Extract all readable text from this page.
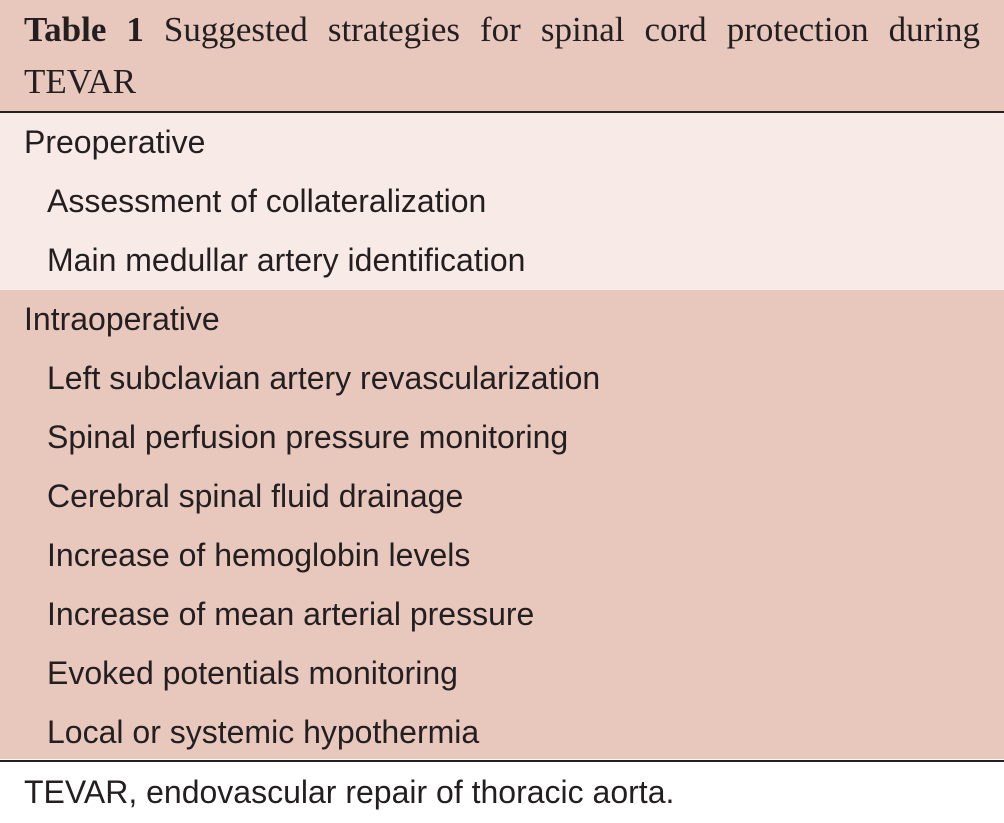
Table 1 Suggested strategies for spinal cord protection during TEVAR
Preoperative
Assessment of collateralization
Main medullar artery identification
Intraoperative
Left subclavian artery revascularization
Spinal perfusion pressure monitoring
Cerebral spinal fluid drainage
Increase of hemoglobin levels
Increase of mean arterial pressure
Evoked potentials monitoring
Local or systemic hypothermia
TEVAR, endovascular repair of thoracic aorta.
